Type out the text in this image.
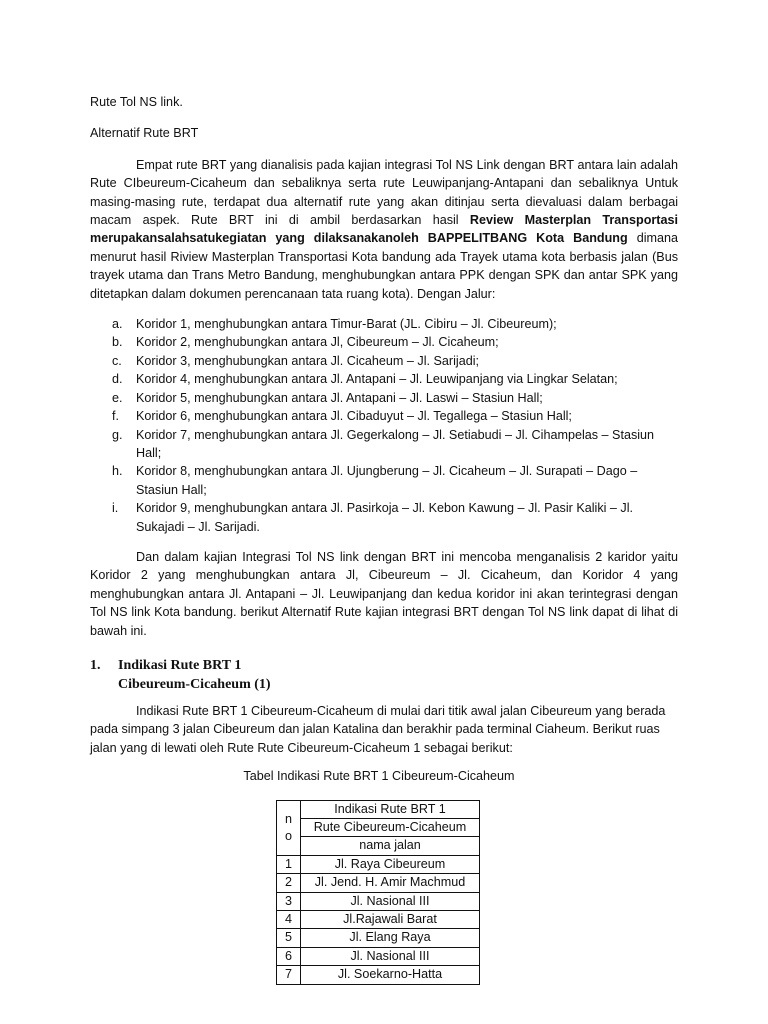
Rute Tol NS link.

Alternatif Rute BRT

Empat rute BRT yang dianalisis pada kajian integrasi Tol NS Link dengan BRT antara lain adalah Rute CIbeureum-Cicaheum dan sebaliknya serta rute Leuwipanjang-Antapani dan sebaliknya Untuk masing-masing rute, terdapat dua alternatif rute yang akan ditinjau serta dievaluasi dalam berbagai macam aspek. Rute BRT ini di ambil berdasarkan hasil Review Masterplan Transportasi merupakansalahsatukegiatan yang dilaksanakanoleh BAPPELITBANG Kota Bandung dimana menurut hasil Riview Masterplan Transportasi Kota bandung ada Trayek utama kota berbasis jalan (Bus trayek utama dan Trans Metro Bandung, menghubungkan antara PPK dengan SPK dan antar SPK yang ditetapkan dalam dokumen perencanaan tata ruang kota). Dengan Jalur:

a. Koridor 1, menghubungkan antara Timur-Barat (JL. Cibiru – Jl. Cibeureum);
b. Koridor 2, menghubungkan antara Jl, Cibeureum – Jl. Cicaheum;
c. Koridor 3, menghubungkan antara Jl. Cicaheum – Jl. Sarijadi;
d. Koridor 4, menghubungkan antara Jl. Antapani – Jl. Leuwipanjang via Lingkar Selatan;
e. Koridor 5, menghubungkan antara Jl. Antapani – Jl. Laswi – Stasiun Hall;
f. Koridor 6, menghubungkan antara Jl. Cibaduyut – Jl. Tegallega – Stasiun Hall;
g. Koridor 7, menghubungkan antara Jl. Gegerkalong – Jl. Setiabudi – Jl. Cihampelas – Stasiun Hall;
h. Koridor 8, menghubungkan antara Jl. Ujungberung – Jl. Cicaheum – Jl. Surapati – Dago – Stasiun Hall;
i. Koridor 9, menghubungkan antara Jl. Pasirkoja – Jl. Kebon Kawung – Jl. Pasir Kaliki – Jl. Sukajadi – Jl. Sarijadi.

Dan dalam kajian Integrasi Tol NS link dengan BRT ini mencoba menganalisis 2 karidor yaitu Koridor 2 yang menghubungkan antara Jl, Cibeureum – Jl. Cicaheum, dan Koridor 4 yang menghubungkan antara Jl. Antapani – Jl. Leuwipanjang dan kedua koridor ini akan terintegrasi dengan Tol NS link Kota bandung. berikut Alternatif Rute kajian integrasi BRT dengan Tol NS link dapat di lihat di bawah ini.

1. Indikasi Rute BRT 1
Cibeureum-Cicaheum (1)

Indikasi Rute BRT 1 Cibeureum-Cicaheum di mulai dari titik awal jalan Cibeureum yang berada pada simpang 3 jalan Cibeureum dan jalan Katalina dan berakhir pada terminal Ciaheum. Berikut ruas jalan yang di lewati oleh Rute Rute Cibeureum-Cicaheum 1 sebagai berikut:

Tabel Indikasi Rute BRT 1 Cibeureum-Cicaheum

n
o	Indikasi Rute BRT 1
	Rute Cibeureum-Cicaheum
	nama jalan
1	Jl. Raya Cibeureum
2	Jl. Jend. H. Amir Machmud
3	Jl. Nasional III
4	Jl.Rajawali Barat
5	Jl. Elang Raya
6	Jl. Nasional III
7	Jl. Soekarno-Hatta
